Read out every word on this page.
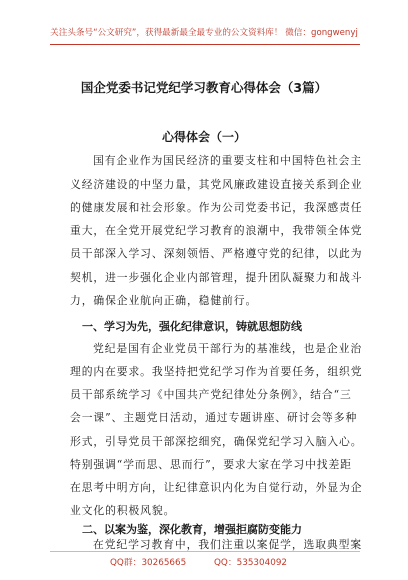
关注头条号“公文研究”，获得最新最全最专业的公文资料库！ 微信：gongwenyj
国企党委书记党纪学习教育心得体会（3篇）
心得体会（一）
国有企业作为国民经济的重要支柱和中国特色社会主
义经济建设的中坚力量，其党风廉政建设直接关系到企业
的健康发展和社会形象。作为公司党委书记，我深感责任
重大，在全党开展党纪学习教育的浪潮中，我带领全体党
员干部深入学习、深刻领悟、严格遵守党的纪律，以此为
契机，进一步强化企业内部管理，提升团队凝聚力和战斗
力，确保企业航向正确，稳健前行。
一、学习为先，强化纪律意识，铸就思想防线
党纪是国有企业党员干部行为的基准线，也是企业治
理的内在要求。我坚持把党纪学习作为首要任务，组织党
员干部系统学习《中国共产党纪律处分条例》，结合“三
会一课”、主题党日活动，通过专题讲座、研讨会等多种
形式，引导党员干部深挖细究，确保党纪学习入脑入心。
特别强调“学而思、思而行”，要求大家在学习中找差距
在思考中明方向，让纪律意识内化为自觉行动，外显为企
业文化的积极风貌。
二、以案为鉴，深化教育，增强拒腐防变能力
在党纪学习教育中，我们注重以案促学，选取典型案
QQ群：30265665	QQ：535304092
